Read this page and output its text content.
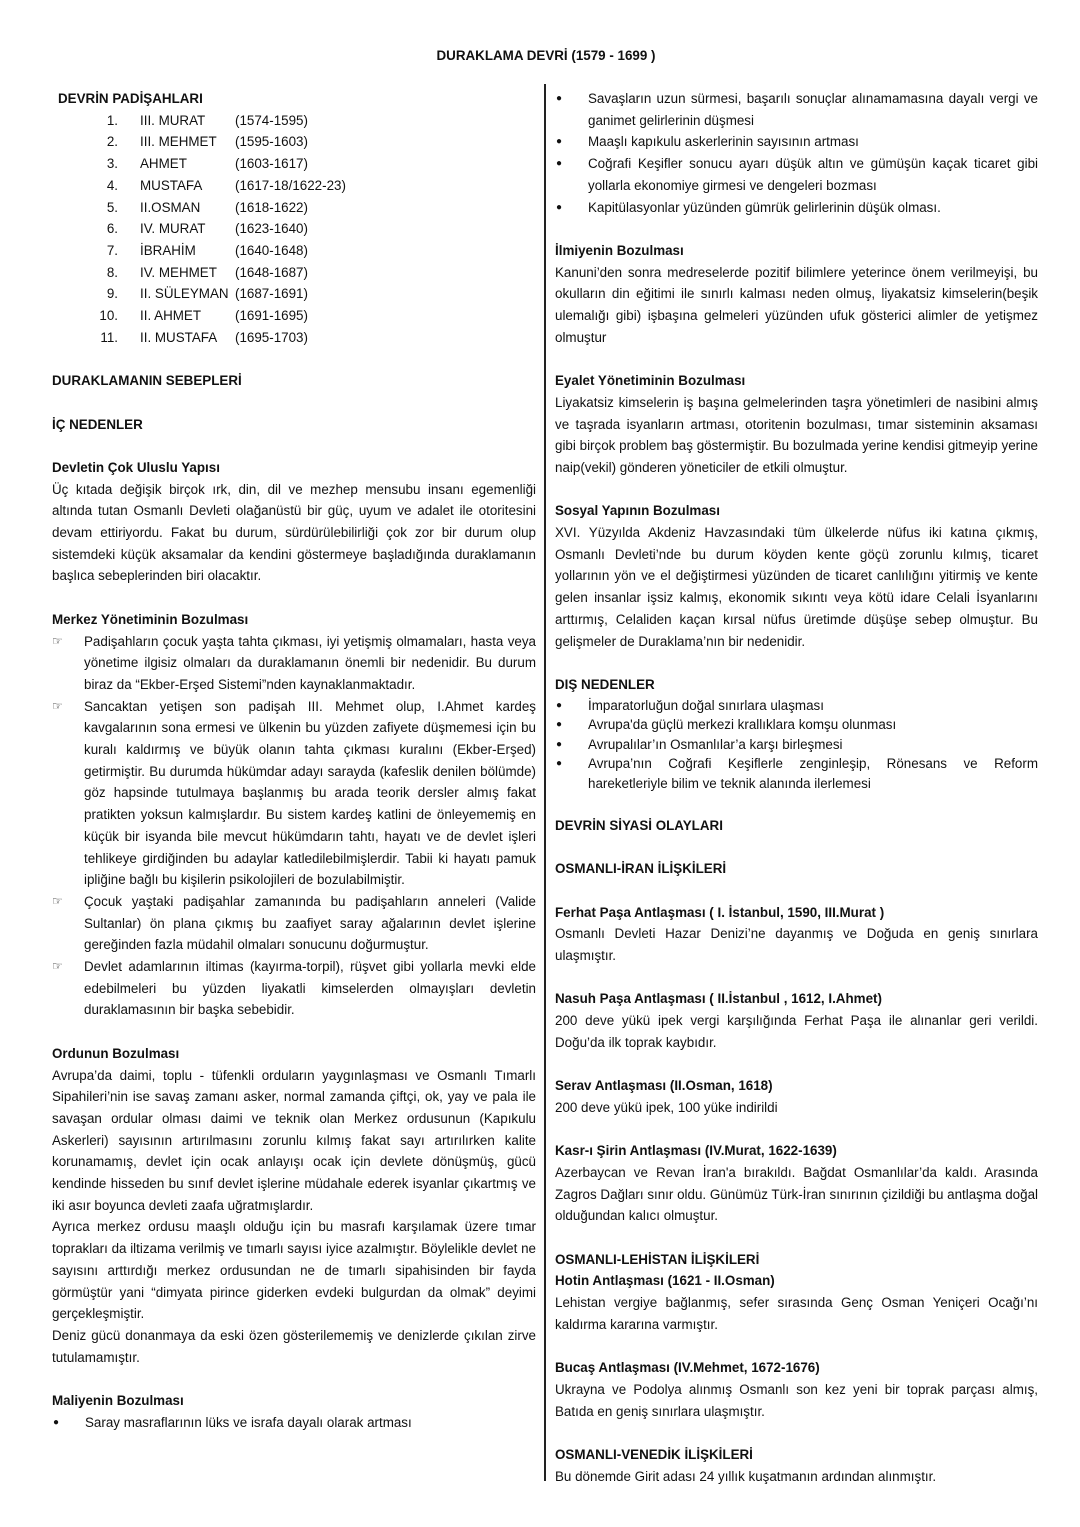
DURAKLAMA DEVRİ (1579 - 1699 )
DEVRİN PADİŞAHLARI
1.	III. MURAT	(1574-1595)
2.	III. MEHMET	(1595-1603)
3.	AHMET	(1603-1617)
4.	MUSTAFA	(1617-18/1622-23)
5.	II.OSMAN	(1618-1622)
6.	IV. MURAT	(1623-1640)
7.	İBRAHİM	(1640-1648)
8.	IV. MEHMET	(1648-1687)
9.	II. SÜLEYMAN (1687-1691)
10.	II. AHMET	(1691-1695)
11.	II. MUSTAFA	(1695-1703)
DURAKLAMANIN SEBEPLERİ
İÇ NEDENLER
Devletin Çok Uluslu Yapısı

Üç kıtada değişik birçok ırk, din, dil ve mezhep mensubu insanı egemenliği altında tutan Osmanlı Devleti olağanüstü bir güç, uyum ve adalet ile otoritesini devam ettiriyordu. Fakat bu durum, sürdürülebilirliği çok zor bir durum olup sistemdeki küçük aksamalar da kendini göstermeye başladığında duraklamanın başlıca sebeplerinden biri olacaktır.

Merkez Yönetiminin Bozulması
☞	Padişahların çocuk yaşta tahta çıkması, iyi yetişmiş olmamaları, hasta veya yönetime ilgisiz olmaları da duraklamanın önemli bir nedenidir. Bu durum biraz da “Ekber-Erşed Sistemi”nden kaynaklanmaktadır.
☞	Sancaktan yetişen son padişah III. Mehmet olup, I.Ahmet kardeş kavgalarının sona ermesi ve ülkenin bu yüzden zafiyete düşmemesi için bu kuralı kaldırmış ve büyük olanın tahta çıkması kuralını (Ekber-Erşed) getirmiştir. Bu durumda hükümdar adayı sarayda (kafeslik denilen bölümde) göz hapsinde tutulmaya başlanmış bu arada teorik dersler almış fakat pratikten yoksun kalmışlardır. Bu sistem kardeş katlini de önleyememiş en küçük bir isyanda bile mevcut hükümdarın tahtı, hayatı ve de devlet işleri tehlikeye girdiğinden bu adaylar katledilebilmişlerdir. Tabii ki hayatı pamuk ipliğine bağlı bu kişilerin psikolojileri de bozulabilmiştir.
☞	Çocuk yaştaki padişahlar zamanında bu padişahların anneleri (Valide Sultanlar) ön plana çıkmış bu zaafiyet saray ağalarının devlet işlerine gereğinden fazla müdahil olmaları sonucunu doğurmuştur.
☞	Devlet adamlarının iltimas (kayırma-torpil), rüşvet gibi yollarla mevki elde edebilmeleri bu yüzden liyakatli kimselerden olmayışları devletin duraklamasının bir başka sebebidir.
Ordunun Bozulması

Avrupa’da daimi, toplu - tüfenkli orduların yaygınlaşması ve Osmanlı Tımarlı Sipahileri’nin ise savaş zamanı asker, normal zamanda çiftçi, ok, yay ve pala ile savaşan ordular olması daimi ve teknik olan Merkez ordusunun (Kapıkulu Askerleri) sayısının artırılmasını zorunlu kılmış fakat sayı artırılırken kalite korunamamış, devlet için ocak anlayışı ocak için devlete dönüşmüş, gücü kendinde hisseden bu sınıf devlet işlerine müdahale ederek isyanlar çıkartmış ve iki asır boyunca devleti zaafa uğratmışlardır.

Ayrıca merkez ordusu maaşlı olduğu için bu masrafı karşılamak üzere tımar toprakları da iltizama verilmiş ve tımarlı sayısı iyice azalmıştır. Böylelikle devlet ne sayısını arttırdığı merkez ordusundan ne de tımarlı sipahisinden bir fayda görmüştür yani “dimyata pirince giderken evdeki bulgurdan da olmak” deyimi gerçekleşmiştir.

Deniz gücü donanmaya da eski özen gösterilememiş ve denizlerde çıkılan zirve tutulamamıştır.

Maliyenin Bozulması
●	Saray masraflarının lüks ve israfa dayalı olarak artması
●	Savaşların uzun sürmesi, başarılı sonuçlar alınamamasına dayalı vergi ve ganimet gelirlerinin düşmesi
●	Maaşlı kapıkulu askerlerinin sayısının artması
●	Coğrafi Keşifler sonucu ayarı düşük altın ve gümüşün kaçak ticaret gibi yollarla ekonomiye girmesi ve dengeleri bozması
●	Kapitülasyonlar yüzünden gümrük gelirlerinin düşük olması.
İlmiyenin Bozulması

Kanuni’den sonra medreselerde pozitif bilimlere yeterince önem verilmeyişi, bu okulların din eğitimi ile sınırlı kalması neden olmuş, liyakatsiz kimselerin(beşik ulemalığı gibi) işbaşına gelmeleri yüzünden ufuk gösterici alimler de yetişmez olmuştur

Eyalet Yönetiminin Bozulması

Liyakatsiz kimselerin iş başına gelmelerinden taşra yönetimleri de nasibini almış ve taşrada isyanların artması, otoritenin bozulması, tımar sisteminin aksaması gibi birçok problem baş göstermiştir. Bu bozulmada yerine kendisi gitmeyip yerine naip(vekil) gönderen yöneticiler de etkili olmuştur.

Sosyal Yapının Bozulması

XVI. Yüzyılda Akdeniz Havzasındaki tüm ülkelerde nüfus iki katına çıkmış, Osmanlı Devleti’nde bu durum köyden kente göçü zorunlu kılmış, ticaret yollarının yön ve el değiştirmesi yüzünden de ticaret canlılığını yitirmiş ve kente gelen insanlar işsiz kalmış, ekonomik sıkıntı veya kötü idare Celali İsyanlarını arttırmış, Celaliden kaçan kırsal nüfus üretimde düşüşe sebep olmuştur. Bu gelişmeler de Duraklama’nın bir nedenidir.

DIŞ NEDENLER
●	İmparatorluğun doğal sınırlara ulaşması
●	Avrupa'da güçlü merkezi krallıklara komşu olunması
●	Avrupalılar’ın Osmanlılar’a karşı birleşmesi
●	Avrupa’nın Coğrafi Keşiflerle zenginleşip, Rönesans ve Reform hareketleriyle bilim ve teknik alanında ilerlemesi
DEVRİN SİYASİ OLAYLARI
OSMANLI-İRAN İLİŞKİLERİ
Ferhat Paşa Antlaşması ( I. İstanbul, 1590, III.Murat )

Osmanlı Devleti Hazar Denizi’ne dayanmış ve Doğuda en geniş sınırlara ulaşmıştır.

Nasuh Paşa Antlaşması ( II.İstanbul , 1612, I.Ahmet)

200 deve yükü ipek vergi karşılığında Ferhat Paşa ile alınanlar geri verildi. Doğu’da ilk toprak kaybıdır.

Serav Antlaşması (II.Osman, 1618)

200 deve yükü ipek, 100 yüke indirildi

Kasr-ı Şirin Antlaşması (IV.Murat, 1622-1639)

Azerbaycan ve Revan İran'a bırakıldı. Bağdat Osmanlılar’da kaldı. Arasında Zagros Dağları sınır oldu. Günümüz Türk-İran sınırının çizildiği bu antlaşma doğal olduğundan kalıcı olmuştur.

OSMANLI-LEHİSTAN İLİŞKİLERİ
Hotin Antlaşması (1621 - II.Osman)

Lehistan vergiye bağlanmış, sefer sırasında Genç Osman Yeniçeri Ocağı’nı kaldırma kararına varmıştır.

Bucaş Antlaşması (IV.Mehmet, 1672-1676)

Ukrayna ve Podolya alınmış Osmanlı son kez yeni bir toprak parçası almış, Batıda en geniş sınırlara ulaşmıştır.

OSMANLI-VENEDİK İLİŞKİLERİ

Bu dönemde Girit adası 24 yıllık kuşatmanın ardından alınmıştır.
